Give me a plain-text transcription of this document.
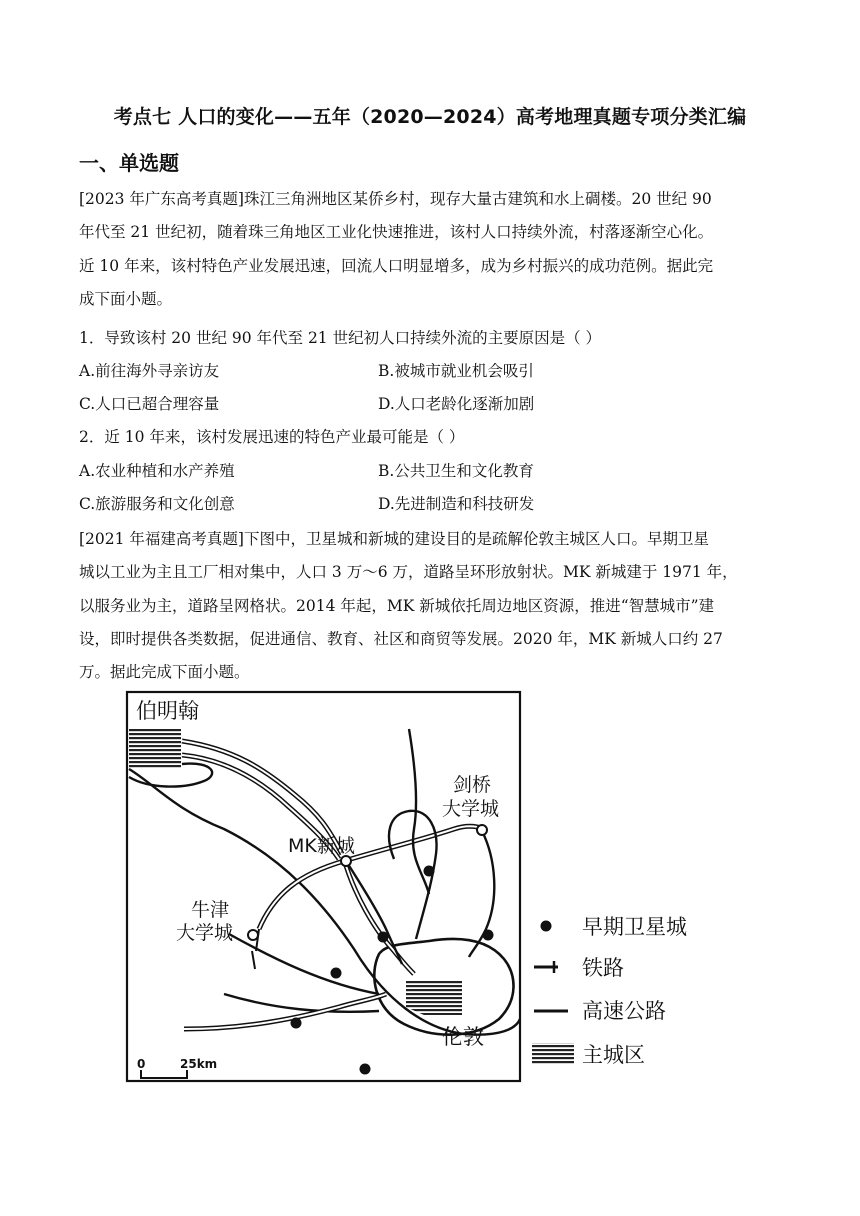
考点七 人口的变化——五年（2020—2024）高考地理真题专项分类汇编
一、单选题
[2023 年广东高考真题]珠江三角洲地区某侨乡村，现存大量古建筑和水上碉楼。20 世纪 90
年代至 21 世纪初，随着珠三角地区工业化快速推进，该村人口持续外流，村落逐渐空心化。
近 10 年来，该村特色产业发展迅速，回流人口明显增多，成为乡村振兴的成功范例。据此完
成下面小题。
1．导致该村 20 世纪 90 年代至 21 世纪初人口持续外流的主要原因是（ ）
A.前往海外寻亲访友	B.被城市就业机会吸引
C.人口已超合理容量	D.人口老龄化逐渐加剧
2．近 10 年来，该村发展迅速的特色产业最可能是（ ）
A.农业种植和水产养殖	B.公共卫生和文化教育
C.旅游服务和文化创意	D.先进制造和科技研发
[2021 年福建高考真题]下图中，卫星城和新城的建设目的是疏解伦敦主城区人口。早期卫星
城以工业为主且工厂相对集中，人口 3 万～6 万，道路呈环形放射状。MK 新城建于 1971 年，
以服务业为主，道路呈网格状。2014 年起，MK 新城依托周边地区资源，推进“智慧城市”建
设，即时提供各类数据，促进通信、教育、社区和商贸等发展。2020 年，MK 新城人口约 27
万。据此完成下面小题。
伯明翰
剑桥
大学城
MK新城
牛津
大学城
伦敦
0	25km
早期卫星城
铁路
高速公路
主城区
